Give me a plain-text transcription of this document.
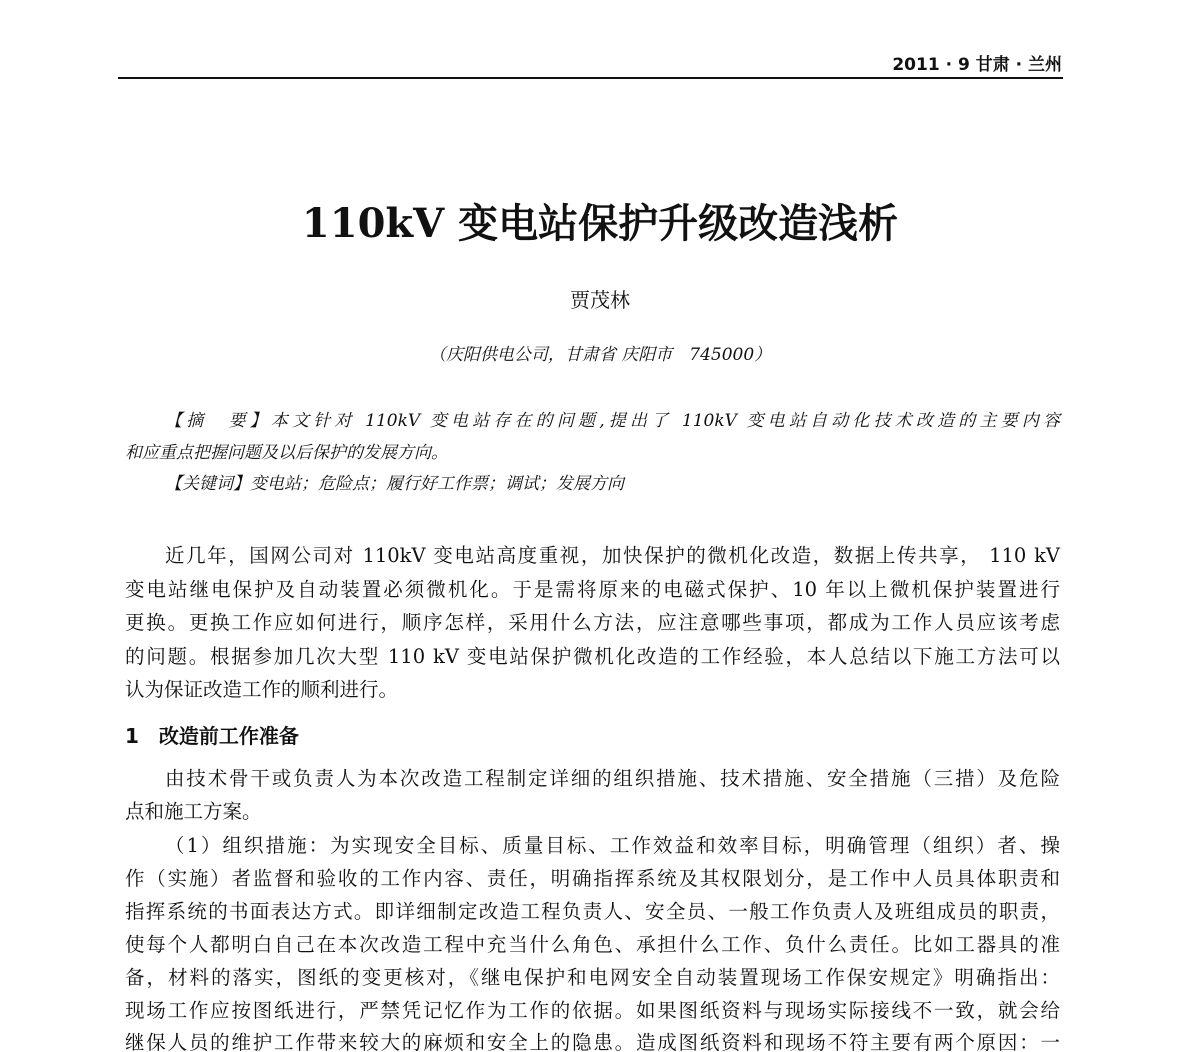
2011 · 9 甘肃 · 兰州
110kV 变电站保护升级改造浅析
贾茂林
（庆阳供电公司，甘肃省 庆阳市　745000）
【摘　要】本文针对 110kV 变电站存在的问题,提出了 110kV 变电站自动化技术改造的主要内容
和应重点把握问题及以后保护的发展方向。
【关键词】变电站；危险点；履行好工作票；调试；发展方向
近几年，国网公司对 110kV 变电站高度重视，加快保护的微机化改造，数据上传共享， 110 kV
变电站继电保护及自动装置必须微机化。于是需将原来的电磁式保护、10 年以上微机保护装置进行
更换。更换工作应如何进行，顺序怎样，采用什么方法，应注意哪些事项，都成为工作人员应该考虑
的问题。根据参加几次大型 110 kV 变电站保护微机化改造的工作经验，本人总结以下施工方法可以
认为保证改造工作的顺利进行。
1　改造前工作准备
由技术骨干或负责人为本次改造工程制定详细的组织措施、技术措施、安全措施（三措）及危险
点和施工方案。
（1）组织措施：为实现安全目标、质量目标、工作效益和效率目标，明确管理（组织）者、操
作（实施）者监督和验收的工作内容、责任，明确指挥系统及其权限划分，是工作中人员具体职责和
指挥系统的书面表达方式。即详细制定改造工程负责人、安全员、一般工作负责人及班组成员的职责，
使每个人都明白自己在本次改造工程中充当什么角色、承担什么工作、负什么责任。比如工器具的准
备，材料的落实，图纸的变更核对，《继电保护和电网安全自动装置现场工作保安规定》明确指出：
现场工作应按图纸进行，严禁凭记忆作为工作的依据。如果图纸资料与现场实际接线不一致，就会给
继保人员的维护工作带来较大的麻烦和安全上的隐患。造成图纸资料和现场不符主要有两个原因：一
